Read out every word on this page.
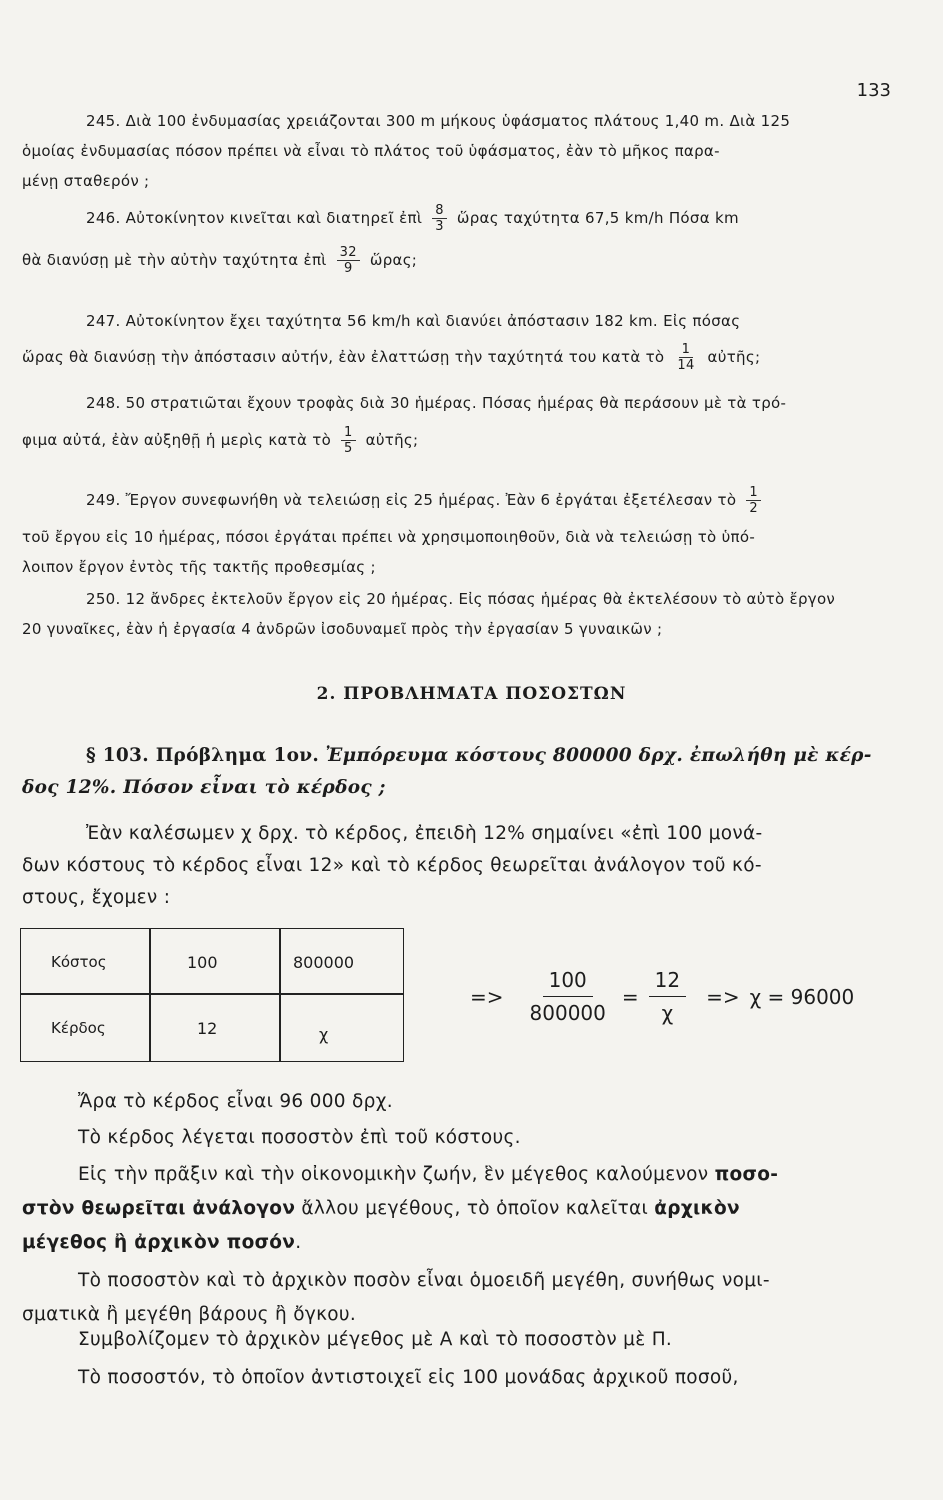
133
245. Διὰ 100 ἐνδυμασίας χρειάζονται 300 m μήκους ὑφάσματος πλάτους 1,40 m. Διὰ 125
ὁμοίας ἐνδυμασίας πόσον πρέπει νὰ εἶναι τὸ πλάτος τοῦ ὑφάσματος, ἐὰν τὸ μῆκος παρα-
μένῃ σταθερόν ;
246. Αὐτοκίνητον κινεῖται καὶ διατηρεῖ ἐπὶ $\frac{8}{3}$ ὥρας ταχύτητα 67,5 km/h Πόσα km
θὰ διανύσῃ μὲ τὴν αὐτὴν ταχύτητα ἐπὶ $\frac{32}{9}$ ὥρας;
247. Αὐτοκίνητον ἔχει ταχύτητα 56 km/h καὶ διανύει ἀπόστασιν 182 km. Εἰς πόσας
ὥρας θὰ διανύσῃ τὴν ἀπόστασιν αὐτήν, ἐὰν ἐλαττώσῃ τὴν ταχύτητά του κατὰ τὸ $\frac{1}{14}$ αὐτῆς;
248. 50 στρατιῶται ἔχουν τροφὰς διὰ 30 ἡμέρας. Πόσας ἡμέρας θὰ περάσουν μὲ τὰ τρό-
φιμα αὐτά, ἐὰν αὐξηθῇ ἡ μερὶς κατὰ τὸ $\frac{1}{5}$ αὐτῆς;
249. Ἔργον συνεφωνήθη νὰ τελειώσῃ εἰς 25 ἡμέρας. Ἐὰν 6 ἐργάται ἐξετέλεσαν τὸ $\frac{1}{2}$
τοῦ ἔργου εἰς 10 ἡμέρας, πόσοι ἐργάται πρέπει νὰ χρησιμοποιηθοῦν, διὰ νὰ τελειώσῃ τὸ ὑπό-
λοιπον ἔργον ἐντὸς τῆς τακτῆς προθεσμίας ;
250. 12 ἄνδρες ἐκτελοῦν ἔργον εἰς 20 ἡμέρας. Εἰς πόσας ἡμέρας θὰ ἐκτελέσουν τὸ αὐτὸ ἔργον
20 γυναῖκες, ἐὰν ἡ ἐργασία 4 ἀνδρῶν ἰσοδυναμεῖ πρὸς τὴν ἐργασίαν 5 γυναικῶν ;
2. ΠΡΟΒΛΗΜΑΤΑ ΠΟΣΟΣΤΩΝ
§ 103. Πρόβλημα 1ον. Ἐμπόρευμα κόστους 800000 δρχ. ἐπωλήθη μὲ κέρ-
δος 12%. Πόσον εἶναι τὸ κέρδος ;
Ἐὰν καλέσωμεν χ δρχ. τὸ κέρδος, ἐπειδὴ 12% σημαίνει «ἐπὶ 100 μονά-
δων κόστους τὸ κέρδος εἶναι 12» καὶ τὸ κέρδος θεωρεῖται ἀνάλογον τοῦ κό-
στους, ἔχομεν :
Κόστος	100	800000
Κέρδος	12	χ
=> $\frac{100}{800000} = \frac{12}{\chi} => \chi = 96000$
Ἄρα τὸ κέρδος εἶναι 96 000 δρχ.
Τὸ κέρδος λέγεται ποσοστὸν ἐπὶ τοῦ κόστους.
Εἰς τὴν πρᾶξιν καὶ τὴν οἰκονομικὴν ζωήν, ἓν μέγεθος καλούμενον ποσο-
στὸν θεωρεῖται ἀνάλογον ἄλλου μεγέθους, τὸ ὁποῖον καλεῖται ἀρχικὸν
μέγεθος ἢ ἀρχικὸν ποσόν.
Τὸ ποσοστὸν καὶ τὸ ἀρχικὸν ποσὸν εἶναι ὁμοειδῆ μεγέθη, συνήθως νομι-
σματικὰ ἢ μεγέθη βάρους ἢ ὄγκου.
Συμβολίζομεν τὸ ἀρχικὸν μέγεθος μὲ Α καὶ τὸ ποσοστὸν μὲ Π.
Τὸ ποσοστόν, τὸ ὁποῖον ἀντιστοιχεῖ εἰς 100 μονάδας ἀρχικοῦ ποσοῦ,
